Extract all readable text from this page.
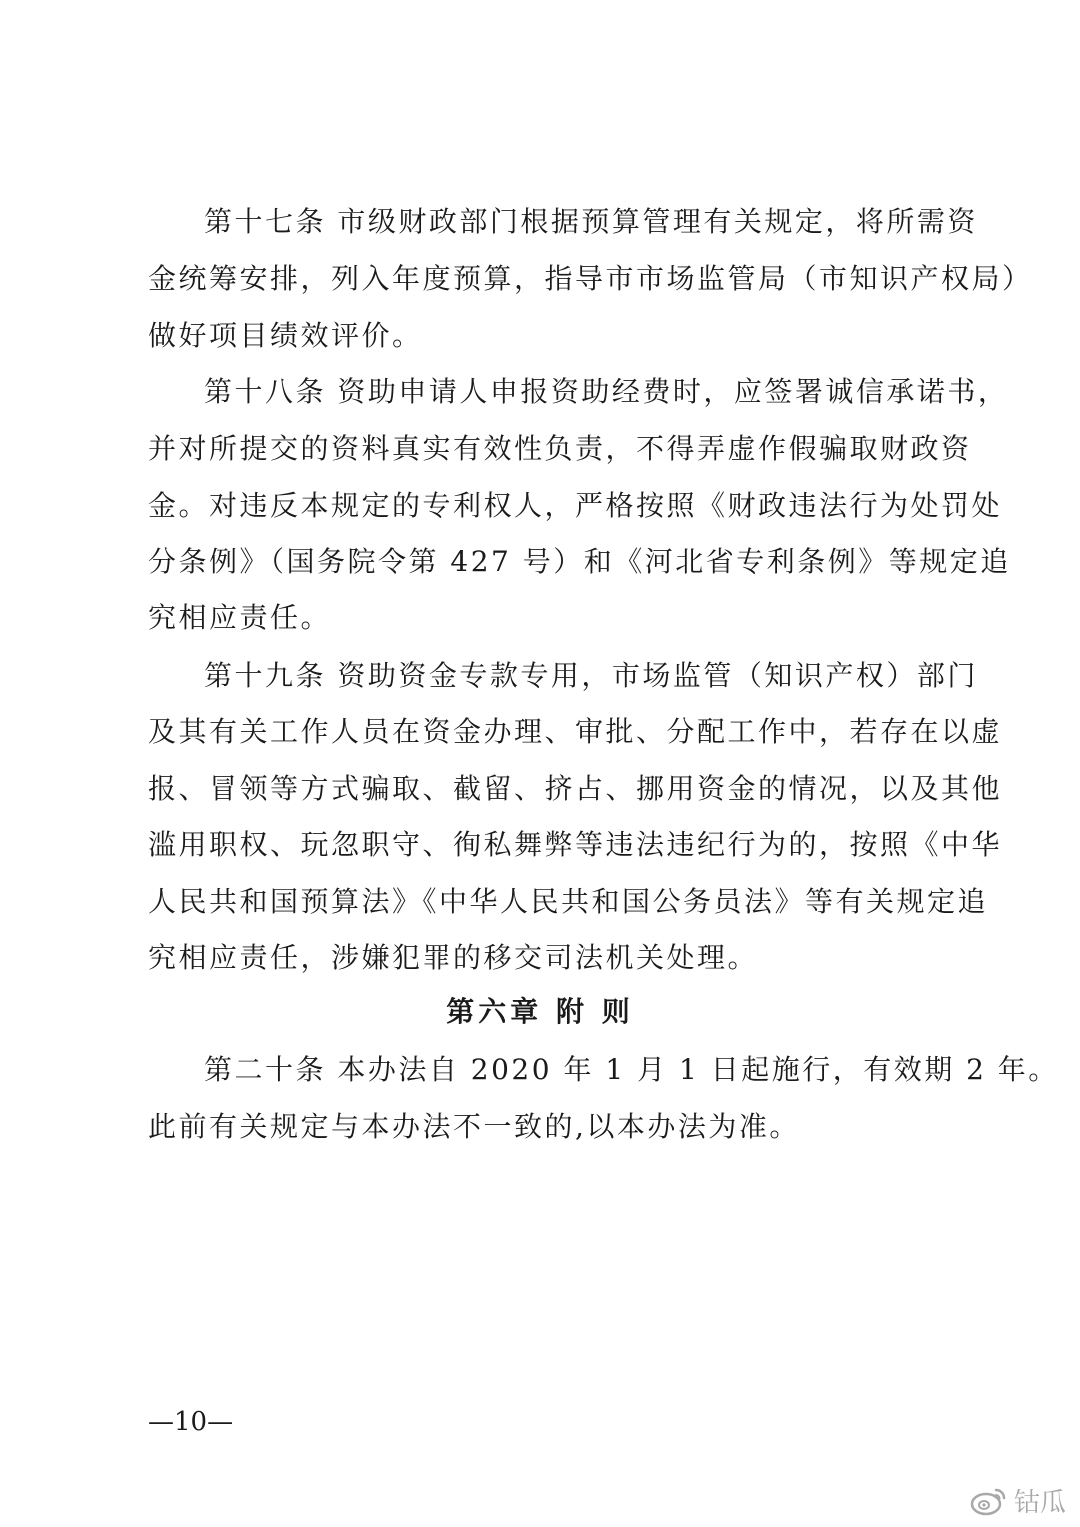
第十七条 市级财政部门根据预算管理有关规定，将所需资
金统筹安排，列入年度预算，指导市市场监管局（市知识产权局）
做好项目绩效评价。
第十八条 资助申请人申报资助经费时，应签署诚信承诺书，
并对所提交的资料真实有效性负责，不得弄虚作假骗取财政资
金。对违反本规定的专利权人，严格按照《财政违法行为处罚处
分条例》（国务院令第 427 号）和《河北省专利条例》等规定追
究相应责任。
第十九条 资助资金专款专用，市场监管（知识产权）部门
及其有关工作人员在资金办理、审批、分配工作中，若存在以虚
报、冒领等方式骗取、截留、挤占、挪用资金的情况，以及其他
滥用职权、玩忽职守、徇私舞弊等违法违纪行为的，按照《中华
人民共和国预算法》《中华人民共和国公务员法》等有关规定追
究相应责任，涉嫌犯罪的移交司法机关处理。
第六章 附 则
第二十条 本办法自 2020 年 1 月 1 日起施行，有效期 2 年。
此前有关规定与本办法不一致的,以本办法为准。
—10—
钴瓜
